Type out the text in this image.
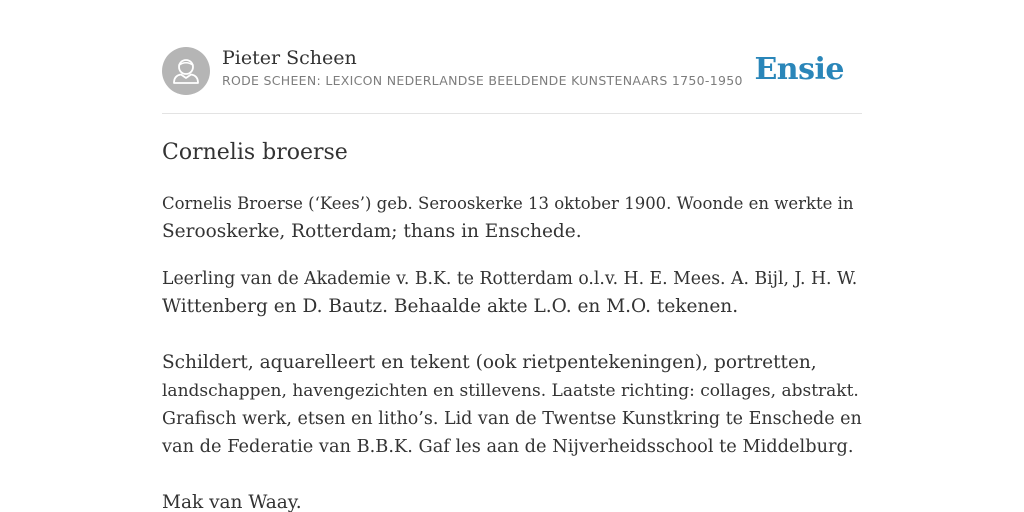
Pieter Scheen
RODE SCHEEN: LEXICON NEDERLANDSE BEELDENDE KUNSTENAARS 1750-1950 Ensie
Cornelis broerse

Cornelis Broerse (‘Kees’) geb. Serooskerke 13 oktober 1900. Woonde en werkte in
Serooskerke, Rotterdam; thans in Enschede.

Leerling van de Akademie v. B.K. te Rotterdam o.l.v. H. E. Mees. A. Bijl, J. H. W.
Wittenberg en D. Bautz. Behaalde akte L.O. en M.O. tekenen.

Schildert, aquarelleert en tekent (ook rietpentekeningen), portretten,
landschappen, havengezichten en stillevens. Laatste richting: collages, abstrakt.
Grafisch werk, etsen en litho’s. Lid van de Twentse Kunstkring te Enschede en
van de Federatie van B.B.K. Gaf les aan de Nijverheidsschool te Middelburg.

Mak van Waay.
